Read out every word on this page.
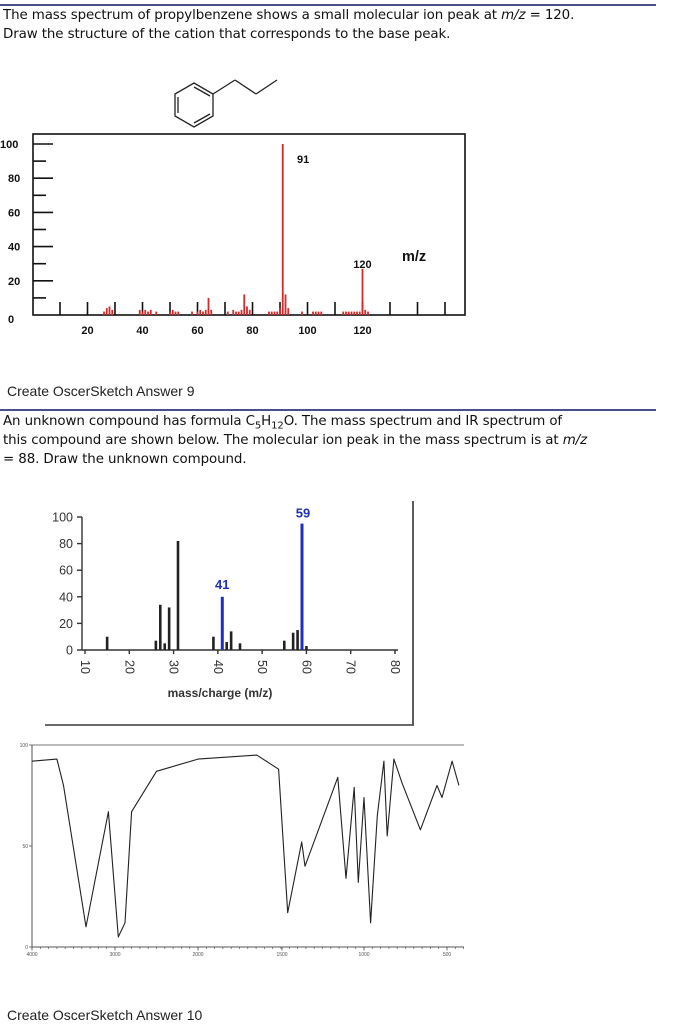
The mass spectrum of propylbenzene shows a small molecular ion peak at m/z = 120.
Draw the structure of the cation that corresponds to the base peak.
0
20
40
60
80
100
20	40	60	80	100	120
91
120 m/z
Create OscerSketch Answer 9
An unknown compound has formula $C_5H_{12}O$. The mass spectrum and IR spectrum of
this compound are shown below. The molecular ion peak in the mass spectrum is at m/z
= 88. Draw the unknown compound.
0
20
40
60
80
100
10 20 30 40 50 60 70 80
41
59
mass/charge (m/z)
0
50
100
4000	3000	2000	1500	1000	500
Create OscerSketch Answer 10
